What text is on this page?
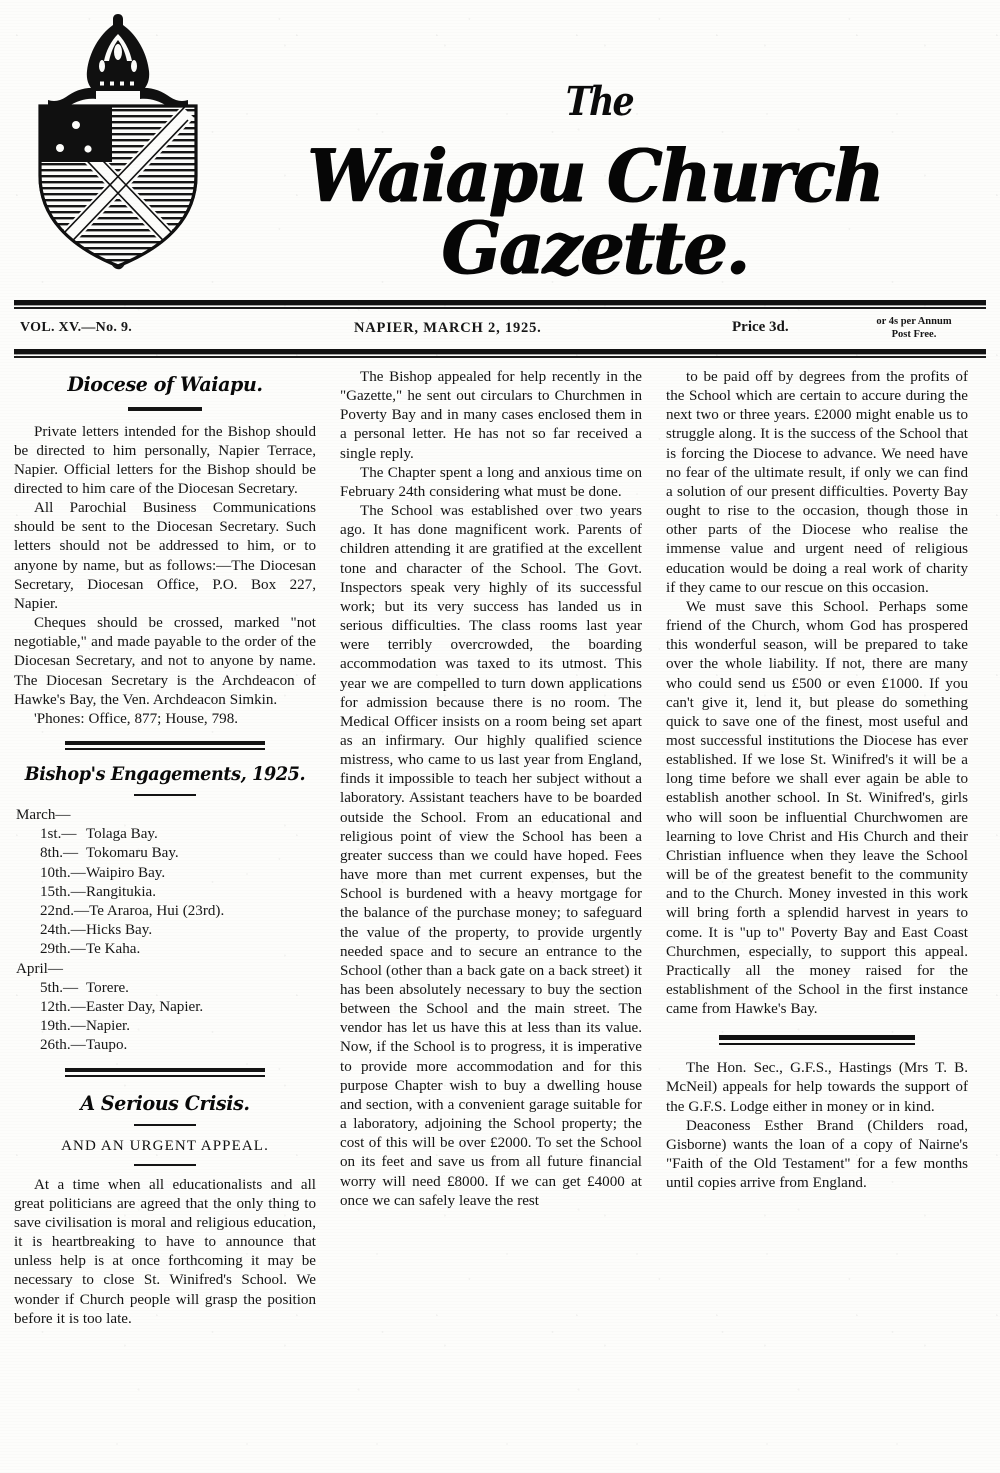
The
Waiapu Church Gazette.
VOL. XV.—No. 9.	NAPIER, MARCH 2, 1925.	Price 3d.	or 4s per Annum
Post Free.
Diocese of Waiapu.

Private letters intended for the Bishop should be directed to him personally, Napier Terrace, Napier. Official letters for the Bishop should be directed to him care of the Diocesan Secretary.

All Parochial Business Communications should be sent to the Diocesan Secretary. Such letters should not be addressed to him, or to anyone by name, but as follows:—The Diocesan Secretary, Diocesan Office, P.O. Box 227, Napier.

Cheques should be crossed, marked "not negotiable," and made payable to the order of the Diocesan Secretary, and not to anyone by name. The Diocesan Secretary is the Archdeacon of Hawke's Bay, the Ven. Archdeacon Simkin.

'Phones: Office, 877; House, 798.

Bishop's Engagements, 1925.
March—
1st.— Tolaga Bay.
8th.— Tokomaru Bay.
10th.—Waipiro Bay.
15th.—Rangitukia.
22nd.—Te Araroa, Hui (23rd).
24th.—Hicks Bay.
29th.—Te Kaha.
April—
5th.— Torere.
12th.—Easter Day, Napier.
19th.—Napier.
26th.—Taupo.
A Serious Crisis.
AND AN URGENT APPEAL.

At a time when all educationalists and all great politicians are agreed that the only thing to save civilisation is moral and religious education, it is heartbreaking to have to announce that unless help is at once forthcoming it may be necessary to close St. Winifred's School. We wonder if Church people will grasp the position before it is too late.

The Bishop appealed for help recently in the "Gazette," he sent out circulars to Churchmen in Poverty Bay and in many cases enclosed them in a personal letter. He has not so far received a single reply.

The Chapter spent a long and anxious time on February 24th considering what must be done.

The School was established over two years ago. It has done magnificent work. Parents of children attending it are gratified at the excellent tone and character of the School. The Govt. Inspectors speak very highly of its successful work; but its very success has landed us in serious difficulties. The class rooms last year were terribly overcrowded, the boarding accommodation was taxed to its utmost. This year we are compelled to turn down applications for admission because there is no room. The Medical Officer insists on a room being set apart as an infirmary. Our highly qualified science mistress, who came to us last year from England, finds it impossible to teach her subject without a laboratory. Assistant teachers have to be boarded outside the School. From an educational and religious point of view the School has been a greater success than we could have hoped. Fees have more than met current expenses, but the School is burdened with a heavy mortgage for the balance of the purchase money; to safeguard the value of the property, to provide urgently needed space and to secure an entrance to the School (other than a back gate on a back street) it has been absolutely necessary to buy the section between the School and the main street. The vendor has let us have this at less than its value. Now, if the School is to progress, it is imperative to provide more accommodation and for this purpose Chapter wish to buy a dwelling house and section, with a convenient garage suitable for a laboratory, adjoining the School property; the cost of this will be over £2000. To set the School on its feet and save us from all future financial worry will need £8000. If we can get £4000 at once we can safely leave the rest

to be paid off by degrees from the profits of the School which are certain to accure during the next two or three years. £2000 might enable us to struggle along. It is the success of the School that is forcing the Diocese to advance. We need have no fear of the ultimate result, if only we can find a solution of our present difficulties. Poverty Bay ought to rise to the occasion, though those in other parts of the Diocese who realise the immense value and urgent need of religious education would be doing a real work of charity if they came to our rescue on this occasion.

We must save this School. Perhaps some friend of the Church, whom God has prospered this wonderful season, will be prepared to take over the whole liability. If not, there are many who could send us £500 or even £1000. If you can't give it, lend it, but please do something quick to save one of the finest, most useful and most successful institutions the Diocese has ever established. If we lose St. Winifred's it will be a long time before we shall ever again be able to establish another school. In St. Winifred's, girls who will soon be influential Churchwomen are learning to love Christ and His Church and their Christian influence when they leave the School will be of the greatest benefit to the community and to the Church. Money invested in this work will bring forth a splendid harvest in years to come. It is "up to" Poverty Bay and East Coast Churchmen, especially, to support this appeal. Practically all the money raised for the establishment of the School in the first instance came from Hawke's Bay.

The Hon. Sec., G.F.S., Hastings (Mrs T. B. McNeil) appeals for help towards the support of the G.F.S. Lodge either in money or in kind.

Deaconess Esther Brand (Childers road, Gisborne) wants the loan of a copy of Nairne's "Faith of the Old Testament" for a few months until copies arrive from England.
